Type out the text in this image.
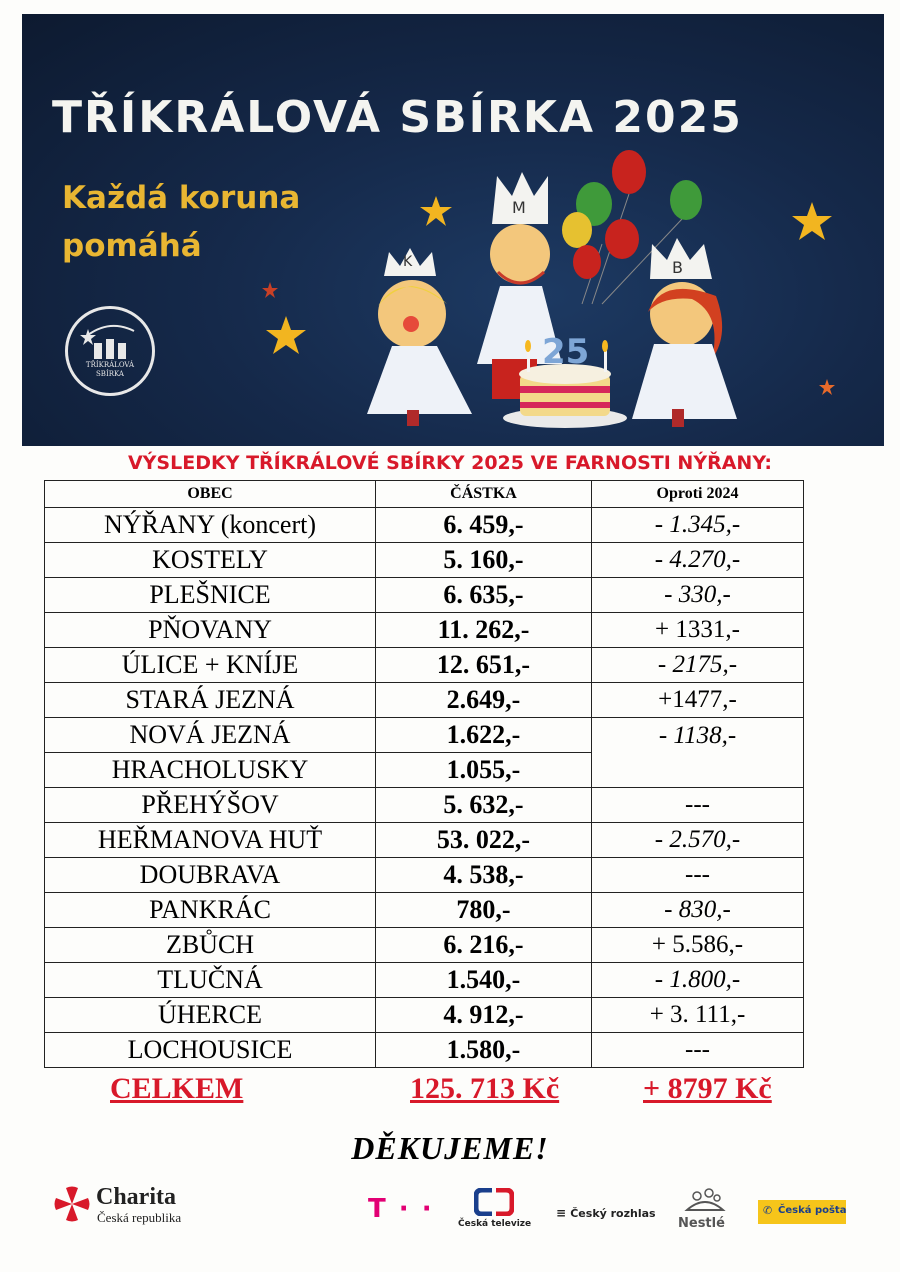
TŘÍKRÁLOVÁ SBÍRKA 2025
Každá koruna
pomáhá	K
M
B
25
TŘÍKRÁLOVÁ
SBÍRKA
VÝSLEDKY TŘÍKRÁLOVÉ SBÍRKY 2025 VE FARNOSTI NÝŘANY:
OBEC	ČÁSTKA	Oproti 2024
NÝŘANY (koncert)	6. 459,-	- 1.345,-
KOSTELY	5. 160,-	- 4.270,-
PLEŠNICE	6. 635,-	- 330,-
PŇOVANY	11. 262,-	+ 1331,-
ÚLICE + KNÍJE	12. 651,-	- 2175,-
STARÁ JEZNÁ	2.649,-	+1477,-
NOVÁ JEZNÁ	1.622,-	- 1138,-
HRACHOLUSKY	1.055,-	
PŘEHÝŠOV	5. 632,-	---
HEŘMANOVA HUŤ	53. 022,-	- 2.570,-
DOUBRAVA	4. 538,-	---
PANKRÁC	780,-	- 830,-
ZBŮCH	6. 216,-	+ 5.586,-
TLUČNÁ	1.540,-	- 1.800,-
ÚHERCE	4. 912,-	+ 3. 111,-
LOCHOUSICE	1.580,-	---
CELKEM	125. 713 Kč	+ 8797 Kč
DĚKUJEME!
Charita
Česká republika	T · ·	Česká televize
≡ Český rozhlas
Nestlé
✆ Česká pošta
